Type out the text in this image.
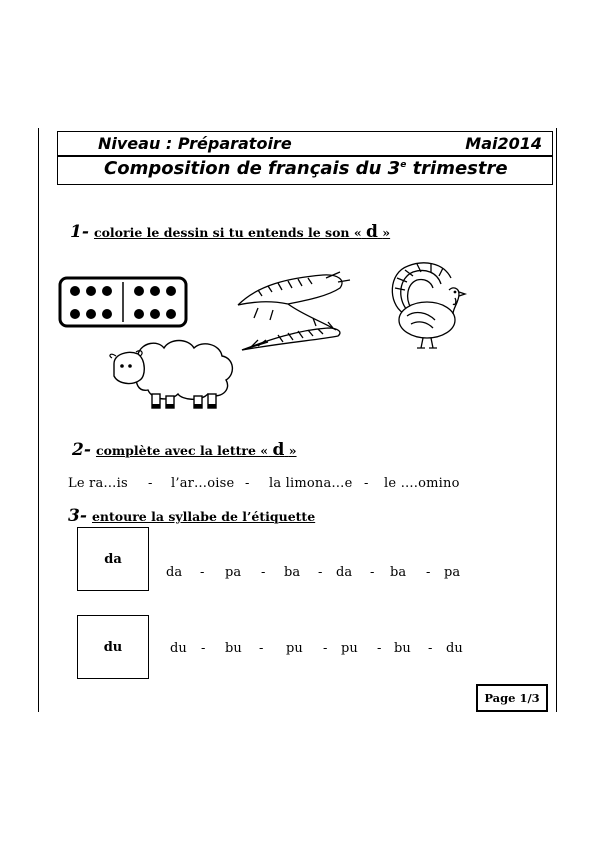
Niveau : Préparatoire	Mai2014
Composition de français du 3e trimestre
1- colorie le dessin si tu entends le son « d »
2- complète avec la lettre « d »
Le ra…is - l’ar…oise - la limona…e - le ….omino
3- entoure la syllabe de l’étiquette
da
da - pa - ba - da - ba - pa
du	du - bu - pu - pu - bu - du
Page 1/3
